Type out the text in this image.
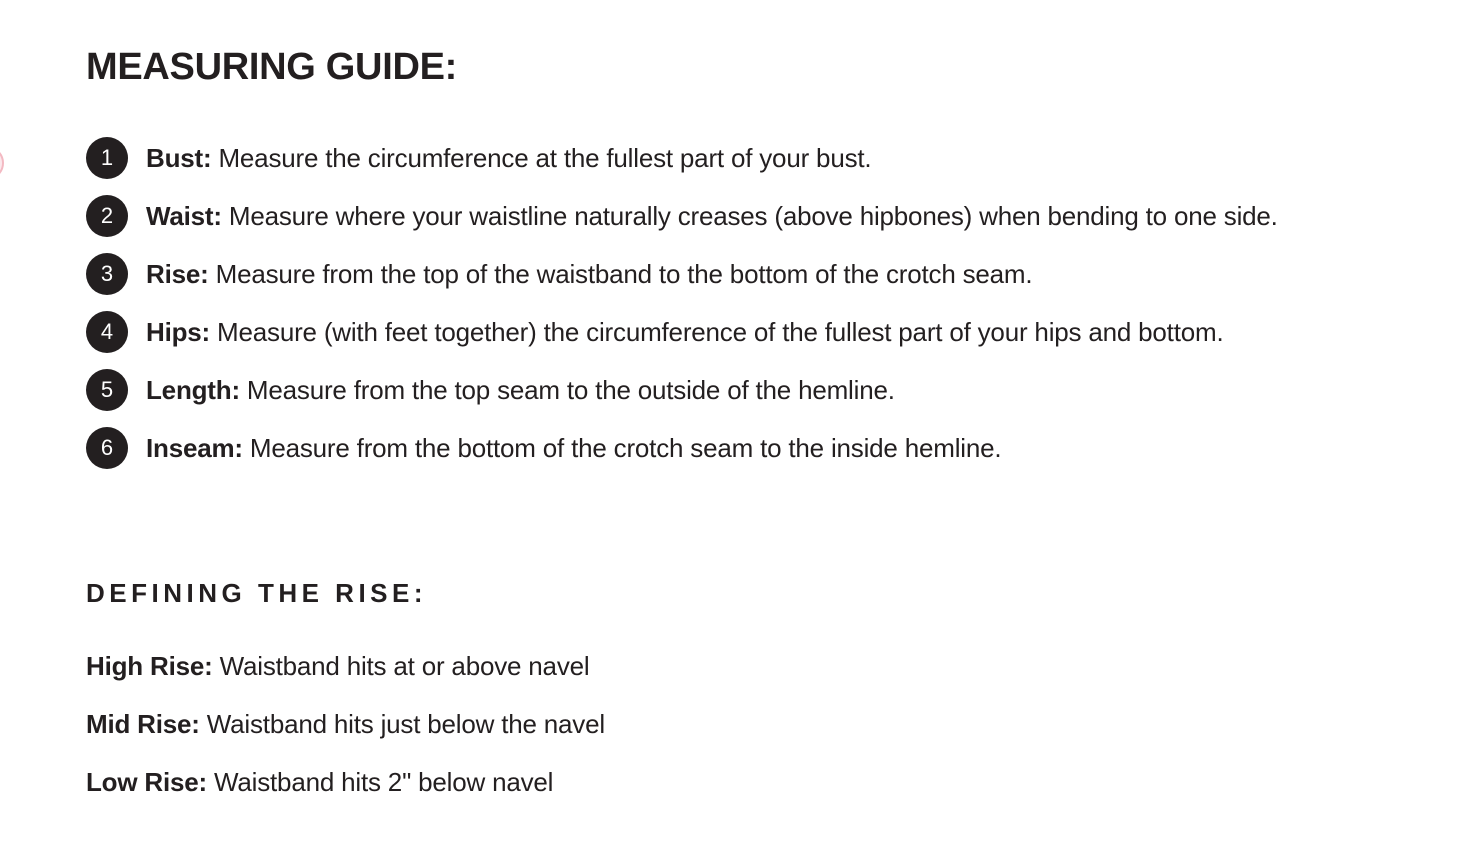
MEASURING GUIDE:
1	Bust: Measure the circumference at the fullest part of your bust.
2	Waist: Measure where your waistline naturally creases (above hipbones) when bending to one side.
3	Rise: Measure from the top of the waistband to the bottom of the crotch seam.
4	Hips: Measure (with feet together) the circumference of the fullest part of your hips and bottom.
5	Length: Measure from the top seam to the outside of the hemline.
6	Inseam: Measure from the bottom of the crotch seam to the inside hemline.
DEFINING THE RISE:
High Rise: Waistband hits at or above navel
Mid Rise: Waistband hits just below the navel
Low Rise: Waistband hits 2" below navel
